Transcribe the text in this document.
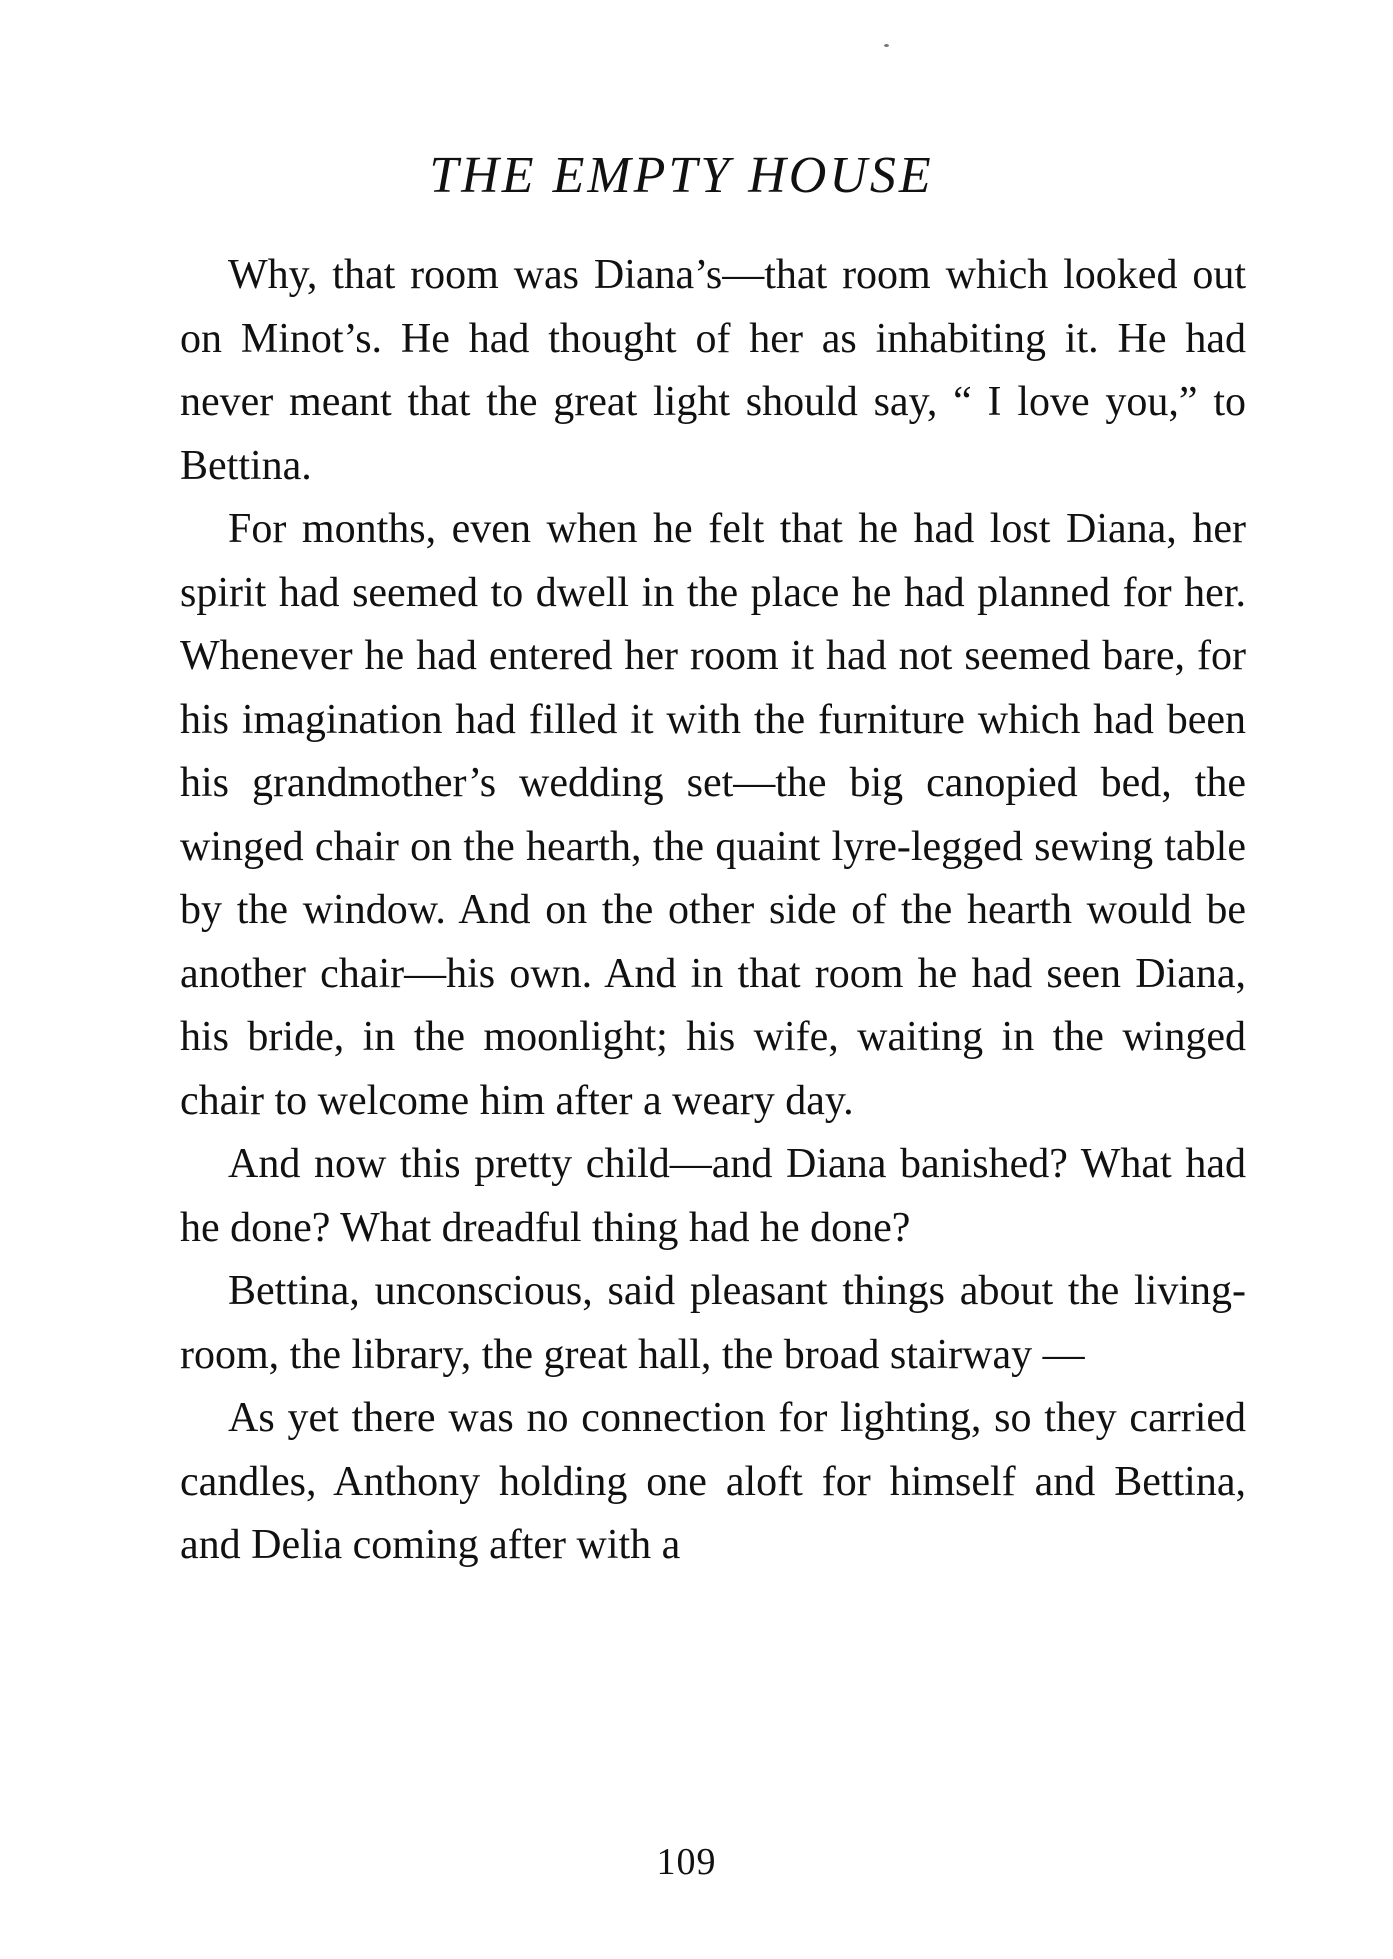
THE EMPTY HOUSE

Why, that room was Diana’s—that room which looked out on Minot’s. He had thought of her as inhabiting it. He had never meant that the great light should say, “ I love you,” to Bettina.

For months, even when he felt that he had lost Diana, her spirit had seemed to dwell in the place he had planned for her. Whenever he had entered her room it had not seemed bare, for his imagination had filled it with the furniture which had been his grandmother’s wedding set—the big canopied bed, the winged chair on the hearth, the quaint lyre-legged sewing table by the window. And on the other side of the hearth would be another chair—his own. And in that room he had seen Diana, his bride, in the moonlight; his wife, waiting in the winged chair to welcome him after a weary day.

And now this pretty child—and Diana banished? What had he done? What dreadful thing had he done?

Bettina, unconscious, said pleasant things about the living-room, the library, the great hall, the broad stairway —

As yet there was no connection for lighting, so they carried candles, Anthony holding one aloft for himself and Bettina, and Delia coming after with a

109
